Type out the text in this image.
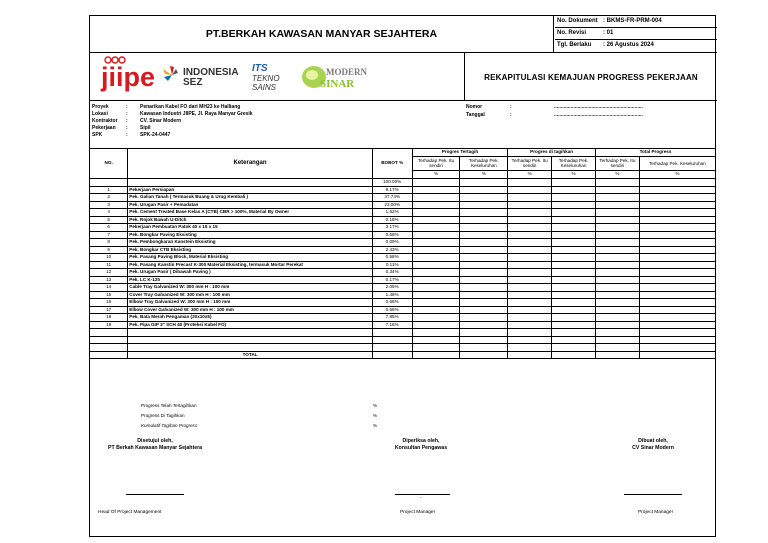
PT.BERKAH KAWASAN MANYAR SEJAHTERA
No. Dokument : BKMS-FR-PRM-004
No. Revisi	: 01
Tgl. Berlaku : 26 Agustus 2024
jiipe	INDONESIA
SEZ
ITS
TEKNO
SAINS
MODERN
SINAR
REKAPITULASI KEMAJUAN PROGRESS PEKERJAAN
Proyek	: Penarikan Kabel FO dari MH23 ke Halliang
Lokasi	: Kawasan Industri JIIPE, Jl. Raya Manyar Gresik
Kontraktor : CV. Sinar Modern
Pekerjaan : Sipil
SPK	: SPK-24-0447
Nomor	:	................................................................
Tanggal	:	................................................................
NO.	Keterangan	BOBOT %	Progres Tertagih		Progres di tagihkan		Total Progress	
			Terhadap Pek. Itu sendiri	Terhadap Pek. Keseluruhan	Terhadap Pek. Itu sendiri	Terhadap Pek. Keseluruhan	Terhadap Pek. Itu sendiri	Terhadap Pek. Keseluruhan
			%	%	%	%	%	%
		100.00%						
1	Pekerjaan Persiapan	9.17%						
2	Pek. Galian Tanah ( Termasuk Buang & Urug Kembali )	37.74%						
3	Pek. Urugan Pasir + Pemadatan	23.00%						
4	Pek. Cement Treated Base Kelas A (CTB) CBR > 100%, Material By Owner	1.62%						
5	Pek. Rojok Bawah U-Ditch	0.18%						
6	Pekerjaan Pembuatan Patok 40 x 15 x 15	3.17%						
7	Pek. Bongkar Paving Eksisting	0.58%						
8	Pek. Pembongkaran Kanstein Eksisting	0.09%						
9	Pek. Bongkar CTB Eksisting	2.43%						
10	Pek. Pasang Paving Block, Material Eksisting	0.58%						
11	Pek. Pasang Kanstin Precast K-300 Material Eksisting, termasuk Mortar Perekat	0.11%						
12	Pek. Urugan Pasir ( Dibawah Paving )	0.34%						
13	Pek. LC K-125	0.17%						
14	Cable Tray Galvanized W: 300 mm H : 100 mm	2.05%						
15	Cover Tray Galvanized W: 300 mm H : 100 mm	1.48%						
16	Elbow Tray Galvanized W: 300 mm H : 100 mm	0.66%						
17	Elbow Cover Galvanized W: 300 mm H : 100 mm	0.58%						
18	Pek. Bata Merah Pengaman (20x10x5)	7.85%						
19	Pek. Pipa GIP 3" SCH 40 (Proteksi Kabel FO)	7.16%						

	TOTAL							
Progress Telah Tertagihkan	%
Progress Di Tagihkan	%
Kumulatif Tagihan Progress	%
Disetujui oleh,
PT Berkah Kawasan Manyar Sejahtera
Diperiksa oleh,
Konsultan Pengawas
Dibuat oleh,
CV Sinar Modern
-
Head Of Project Management	Project Manager	Project Manager
